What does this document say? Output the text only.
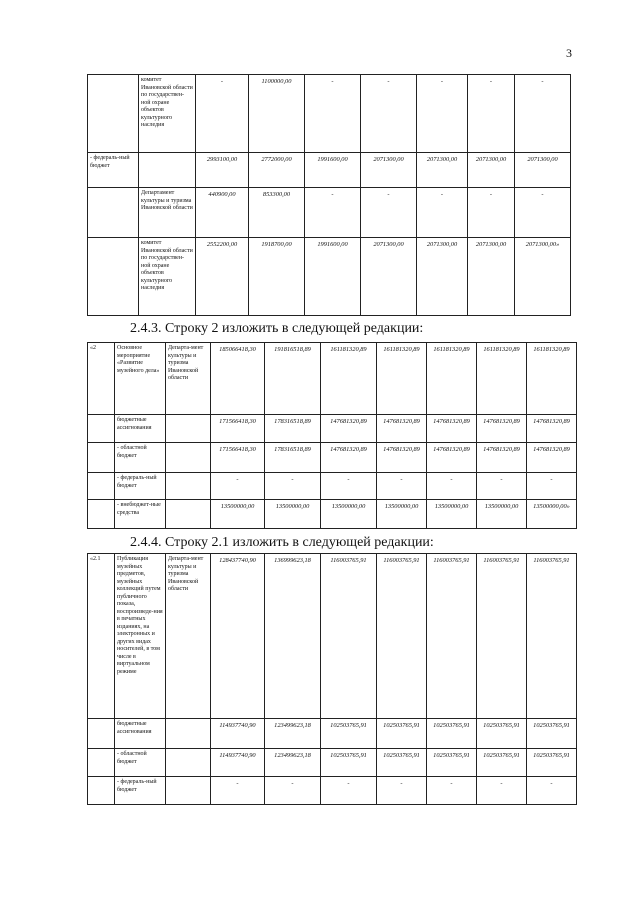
3
	комитет Ивановской области по государствен-ной охране объектов культурного наследия	-	1100000,00	-	-	-	-	-
- федераль-ный бюджет		2993100,00	2772000,00	1991600,00	2071300,00	2071300,00	2071300,00	2071300,00
	Департамент культуры и туризма Ивановской области	440900,00	853300,00	-	-	-	-	-
	комитет Ивановской области по государствен-ной охране объектов культурного наследия	2552200,00	1918700,00	1991600,00	2071300,00	2071300,00	2071300,00	2071300,00»
2.4.3. Строку 2 изложить в следующей редакции:
«2	Основное мероприятие «Развитие музейного дела»	Департа-мент культуры и туризма Ивановской области	185066418,30	191816518,89	161181320,89	161181320,89	161181320,89	161181320,89	161181320,89
	бюджетные ассигнования		171566418,30	178316518,89	147681320,89	147681320,89	147681320,89	147681320,89	147681320,89
	- областной бюджет		171566418,30	178316518,89	147681320,89	147681320,89	147681320,89	147681320,89	147681320,89
	- федераль-ный бюджет		-	-	-	-	-	-	-
	- внебюджет-ные средства		13500000,00	13500000,00	13500000,00	13500000,00	13500000,00	13500000,00	13500000,00»
2.4.4. Строку 2.1 изложить в следующей редакции:
«2.1	Публикация музейных предметов, музейных коллекций путем публичного показа, воспроизведе-ния в печатных изданиях, на электронных и других видах носителей, в том числе в виртуальном режиме	Департа-мент культуры и туризма Ивановской области	128437740,90	136999623,18	116003765,91	116003765,91	116003765,91	116003765,91	116003765,91
	бюджетные ассигнования		114937740,90	123499623,18	102503765,91	102503765,91	102503765,91	102503765,91	102503765,91
	- областной бюджет		114937740,90	123499623,18	102503765,91	102503765,91	102503765,91	102503765,91	102503765,91
	- федераль-ный бюджет		-	-	-	-	-	-	-
